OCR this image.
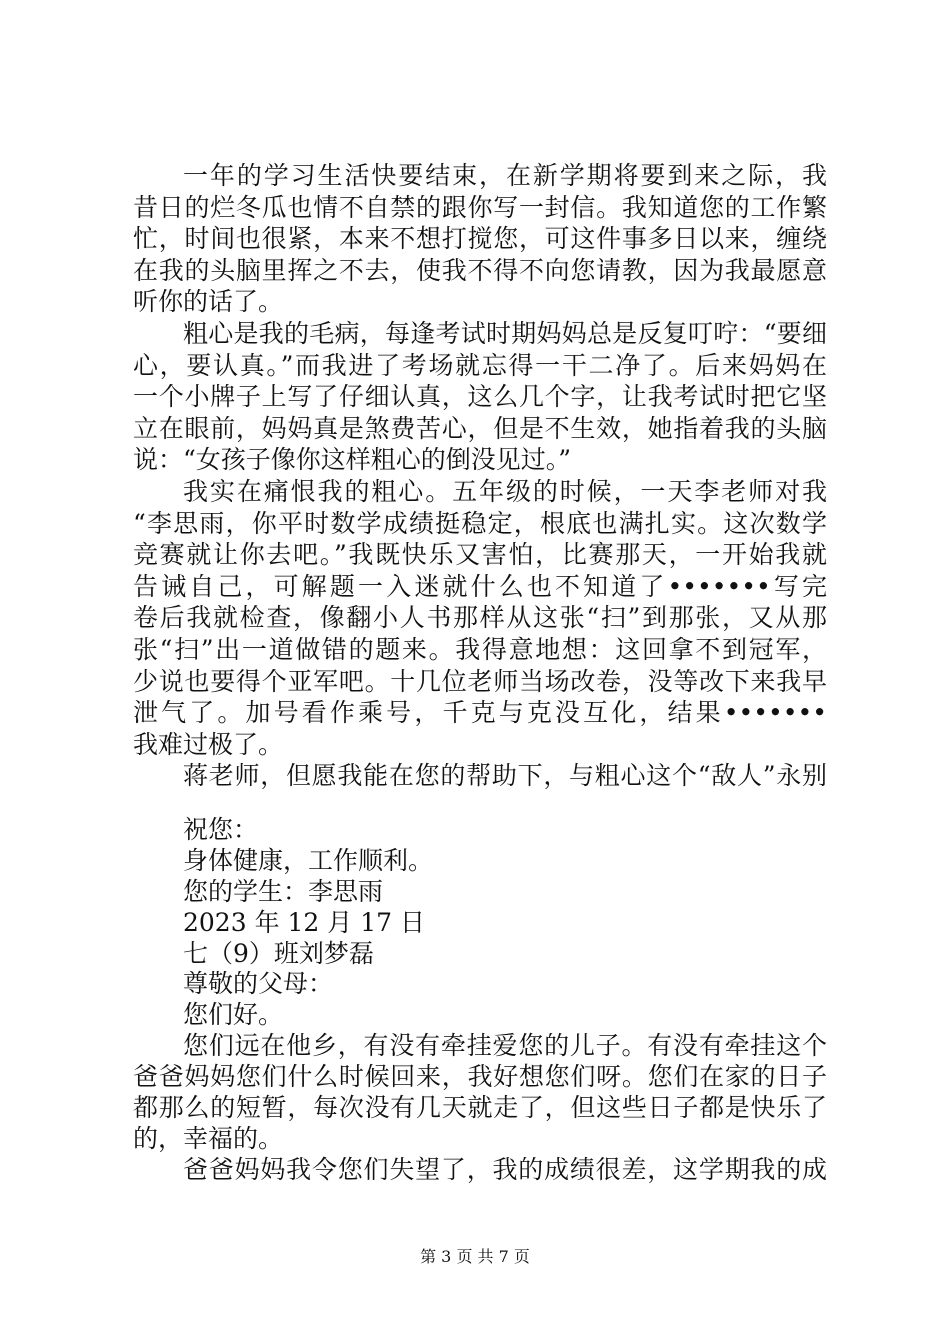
一年的学习生活快要结束，在新学期将要到来之际，我
昔日的烂冬瓜也情不自禁的跟你写一封信。我知道您的工作繁
忙，时间也很紧，本来不想打搅您，可这件事多日以来，缠绕
在我的头脑里挥之不去，使我不得不向您请教，因为我最愿意
听你的话了。
粗心是我的毛病，每逢考试时期妈妈总是反复叮咛：“要细
心，要认真。”而我进了考场就忘得一干二净了。后来妈妈在
一个小牌子上写了仔细认真，这么几个字，让我考试时把它坚
立在眼前，妈妈真是煞费苦心，但是不生效，她指着我的头脑
说：“女孩子像你这样粗心的倒没见过。”
我实在痛恨我的粗心。五年级的时候，一天李老师对我
“李思雨，你平时数学成绩挺稳定，根底也满扎实。这次数学
竞赛就让你去吧。”我既快乐又害怕，比赛那天，一开始我就
告诫自己，可解题一入迷就什么也不知道了•••••••写完
卷后我就检查，像翻小人书那样从这张“扫”到那张，又从那
张“扫”出一道做错的题来。我得意地想：这回拿不到冠军，
少说也要得个亚军吧。十几位老师当场改卷，没等改下来我早
泄气了。加号看作乘号，千克与克没互化，结果•••••••
我难过极了。
蒋老师，但愿我能在您的帮助下，与粗心这个“敌人”永别
祝您：
身体健康，工作顺利。
您的学生：李思雨
2023 年 12 月 17 日
七（9）班刘梦磊
尊敬的父母：
您们好。
您们远在他乡，有没有牵挂爱您的儿子。有没有牵挂这个
爸爸妈妈您们什么时候回来，我好想您们呀。您们在家的日子
都那么的短暂，每次没有几天就走了，但这些日子都是快乐了
的，幸福的。
爸爸妈妈我令您们失望了，我的成绩很差，这学期我的成
第 3 页 共 7 页
